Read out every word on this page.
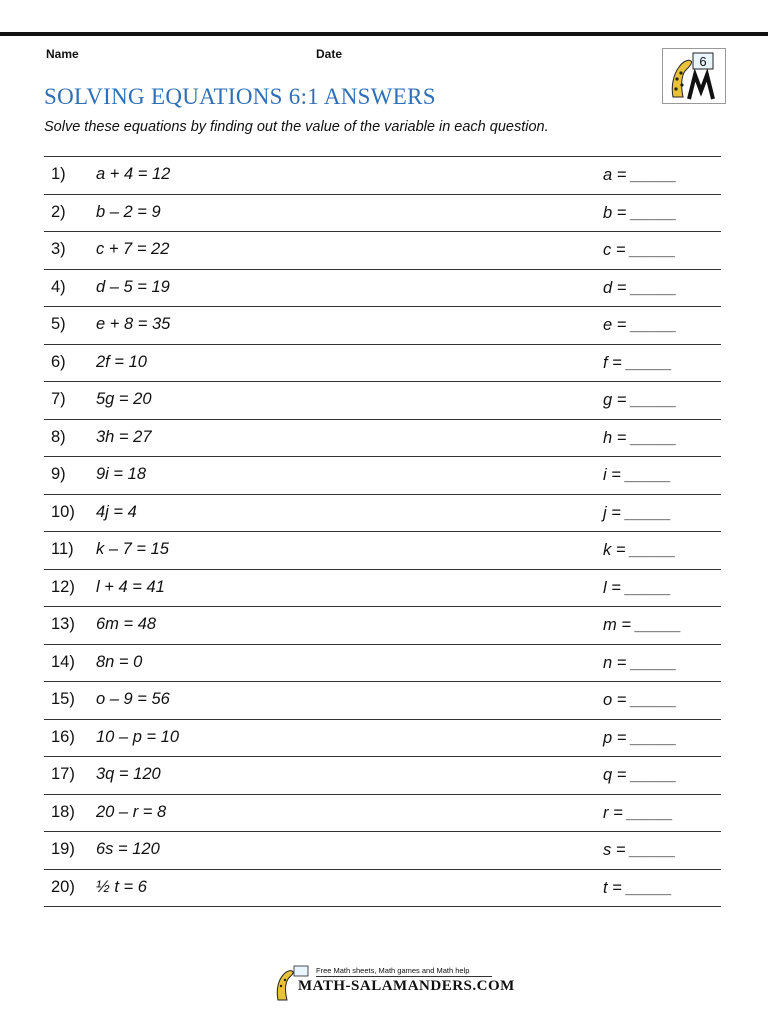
Name	Date	6
SOLVING EQUATIONS 6:1 ANSWERS
Solve these equations by finding out the value of the variable in each question.
1) a + 4 = 12	a = _____
2) b – 2 = 9	b = _____
3) c + 7 = 22	c = _____
4) d – 5 = 19	d = _____
5) e + 8 = 35	e = _____
6) 2f = 10	f = _____
7) 5g = 20	g = _____
8) 3h = 27	h = _____
9) 9i = 18	i = _____
10) 4j = 4	j = _____
11) k – 7 = 15	k = _____
12) l + 4 = 41	l = _____
13) 6m = 48	m = _____
14) 8n = 0	n = _____
15) o – 9 = 56	o = _____
16) 10 – p = 10	p = _____
17) 3q = 120	q = _____
18) 20 – r = 8	r = _____
19) 6s = 120	s = _____
20) ½ t = 6	t = _____
Free Math sheets, Math games and Math help
MATH-SALAMANDERS.COM
